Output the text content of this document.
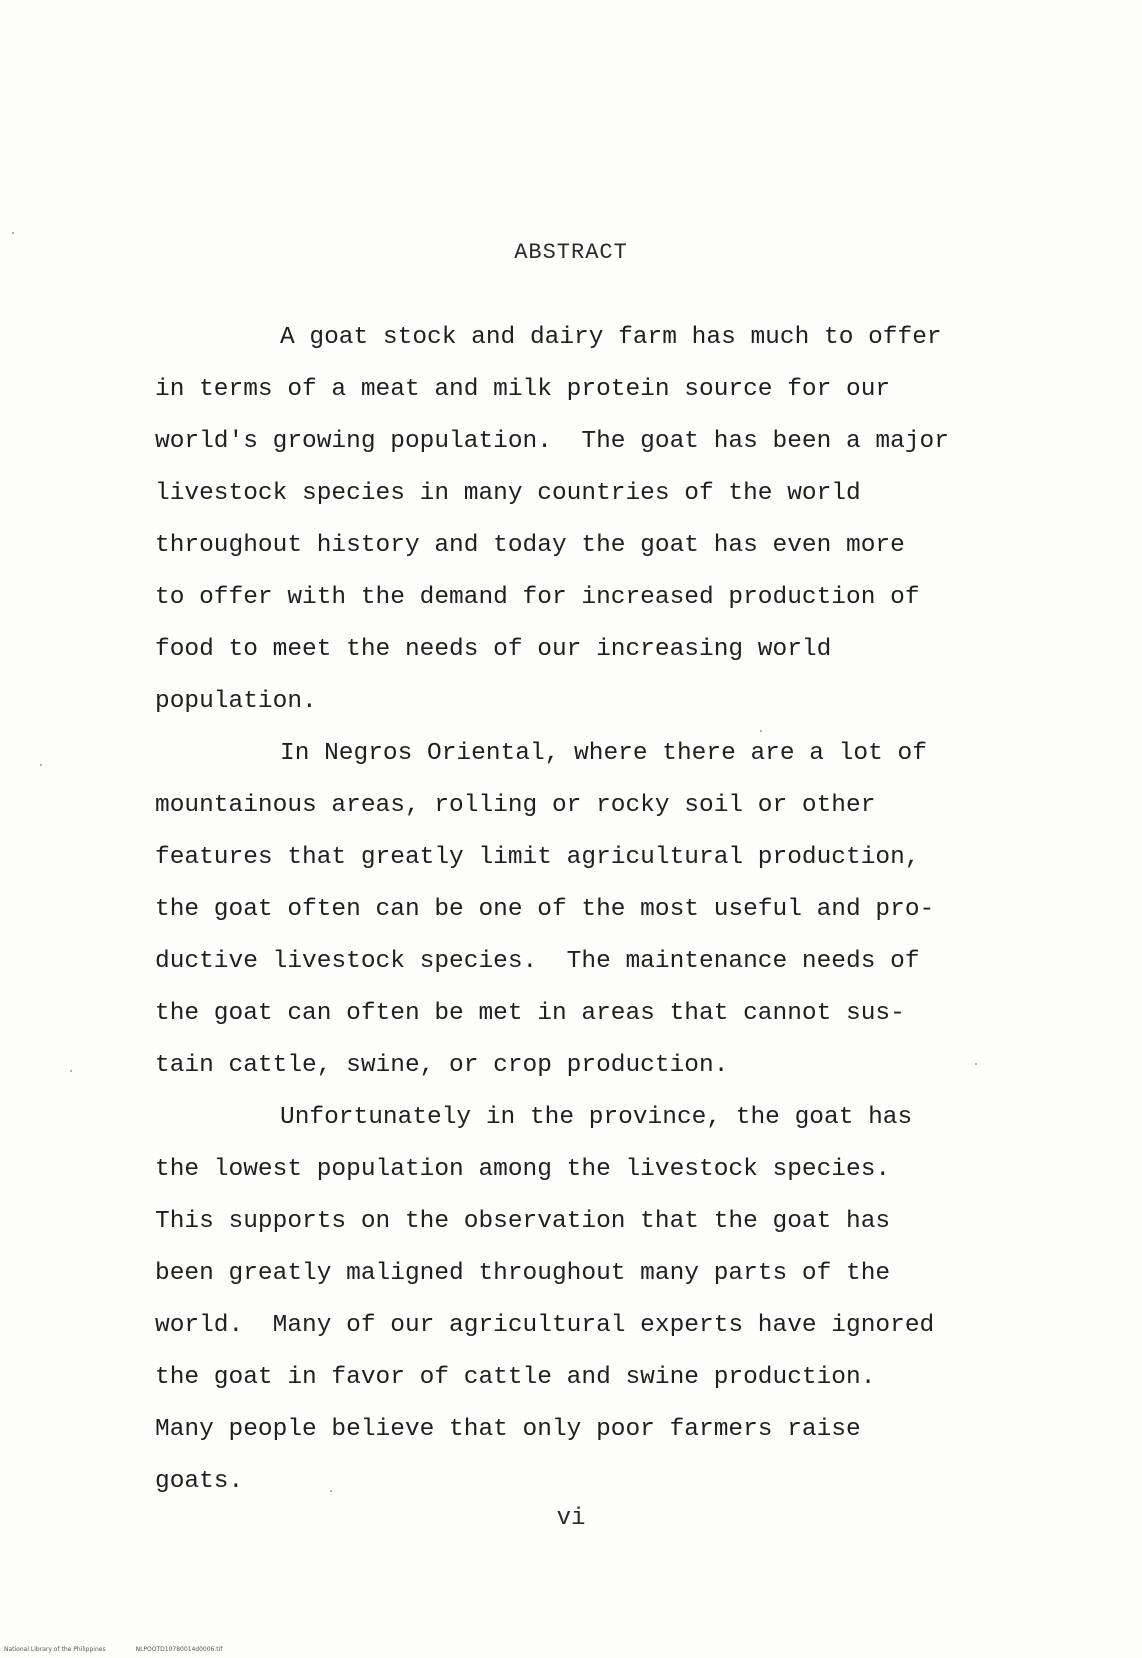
ABSTRACT
A goat stock and dairy farm has much to offer
in terms of a meat and milk protein source for our
world's growing population.  The goat has been a major
livestock species in many countries of the world
throughout history and today the goat has even more
to offer with the demand for increased production of
food to meet the needs of our increasing world
population.
In Negros Oriental, where there are a lot of
mountainous areas, rolling or rocky soil or other
features that greatly limit agricultural production,
the goat often can be one of the most useful and pro-
ductive livestock species.  The maintenance needs of
the goat can often be met in areas that cannot sus-
tain cattle, swine, or crop production.
Unfortunately in the province, the goat has
the lowest population among the livestock species.
This supports on the observation that the goat has
been greatly maligned throughout many parts of the
world.  Many of our agricultural experts have ignored
the goat in favor of cattle and swine production.
Many people believe that only poor farmers raise
goats.
vi
National Library of the Philippines	NLPOOTD10780014d0006.tif
